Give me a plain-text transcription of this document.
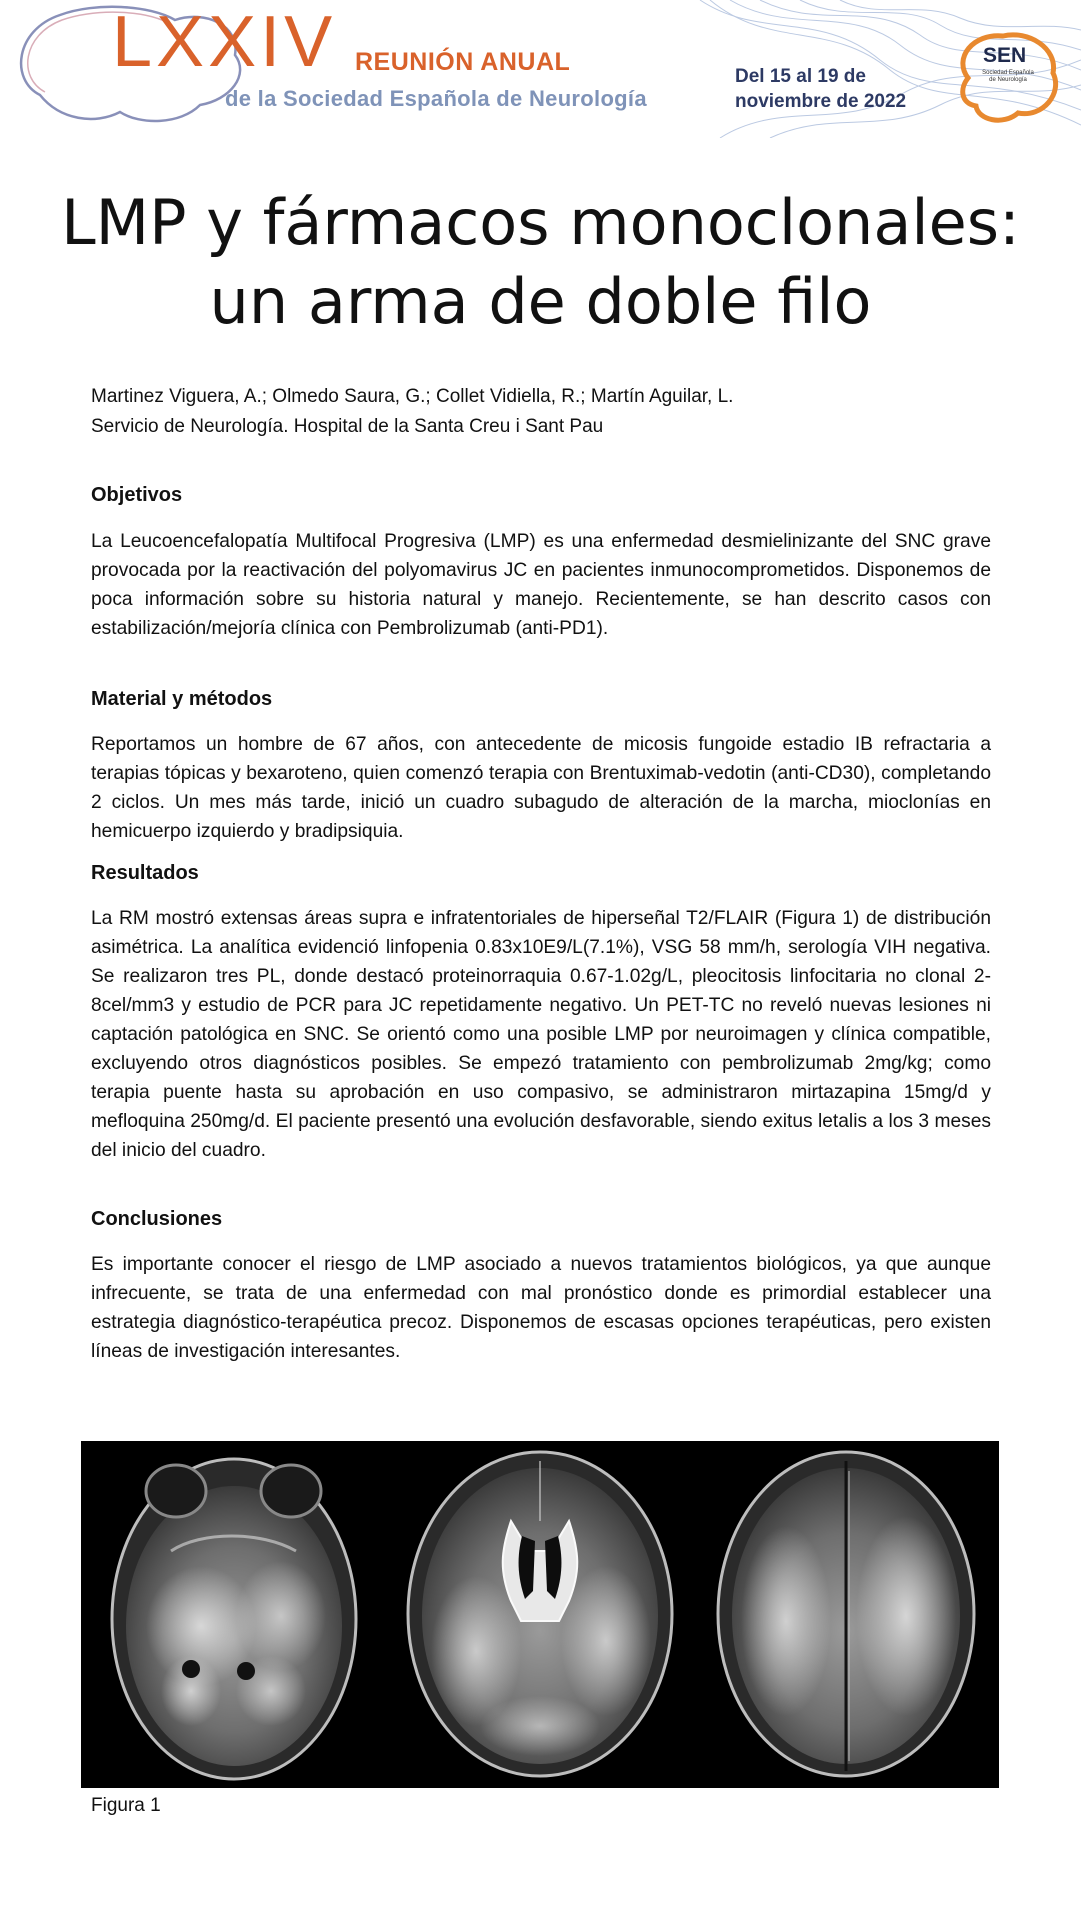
LXXIV REUNIÓN ANUAL
de la Sociedad Española de Neurología
Del 15 al 19 de
noviembre de 2022
SEN
Sociedad Española de Neurología
LMP y fármacos monoclonales:
un arma de doble filo
Martinez Viguera, A.; Olmedo Saura, G.; Collet Vidiella, R.; Martín Aguilar, L.
Servicio de Neurología. Hospital de la Santa Creu i Sant Pau
Objetivos

La Leucoencefalopatía Multifocal Progresiva (LMP) es una enfermedad desmielinizante del SNC grave provocada por la reactivación del polyomavirus JC en pacientes inmunocomprometidos. Disponemos de poca información sobre su historia natural y manejo. Recientemente, se han descrito casos con estabilización/mejoría clínica con Pembrolizumab (anti-PD1).

Material y métodos

Reportamos un hombre de 67 años, con antecedente de micosis fungoide estadio IB refractaria a terapias tópicas y bexaroteno, quien comenzó terapia con Brentuximab-vedotin (anti-CD30), completando 2 ciclos. Un mes más tarde, inició un cuadro subagudo de alteración de la marcha, mioclonías en hemicuerpo izquierdo y bradipsiquia.

Resultados

La RM mostró extensas áreas supra e infratentoriales de hiperseñal T2/FLAIR (Figura 1) de distribución asimétrica. La analítica evidenció linfopenia 0.83x10E9/L(7.1%), VSG 58 mm/h, serología VIH negativa. Se realizaron tres PL, donde destacó proteinorraquia 0.67-1.02g/L, pleocitosis linfocitaria no clonal 2-8cel/mm3 y estudio de PCR para JC repetidamente negativo. Un PET-TC no reveló nuevas lesiones ni captación patológica en SNC. Se orientó como una posible LMP por neuroimagen y clínica compatible, excluyendo otros diagnósticos posibles. Se empezó tratamiento con pembrolizumab 2mg/kg; como terapia puente hasta su aprobación en uso compasivo, se administraron mirtazapina 15mg/d y mefloquina 250mg/d. El paciente presentó una evolución desfavorable, siendo exitus letalis a los 3 meses del inicio del cuadro.

Conclusiones

Es importante conocer el riesgo de LMP asociado a nuevos tratamientos biológicos, ya que aunque infrecuente, se trata de una enfermedad con mal pronóstico donde es primordial establecer una estrategia diagnóstico-terapéutica precoz. Disponemos de escasas opciones terapéuticas, pero existen líneas de investigación interesantes.

Figura 1
